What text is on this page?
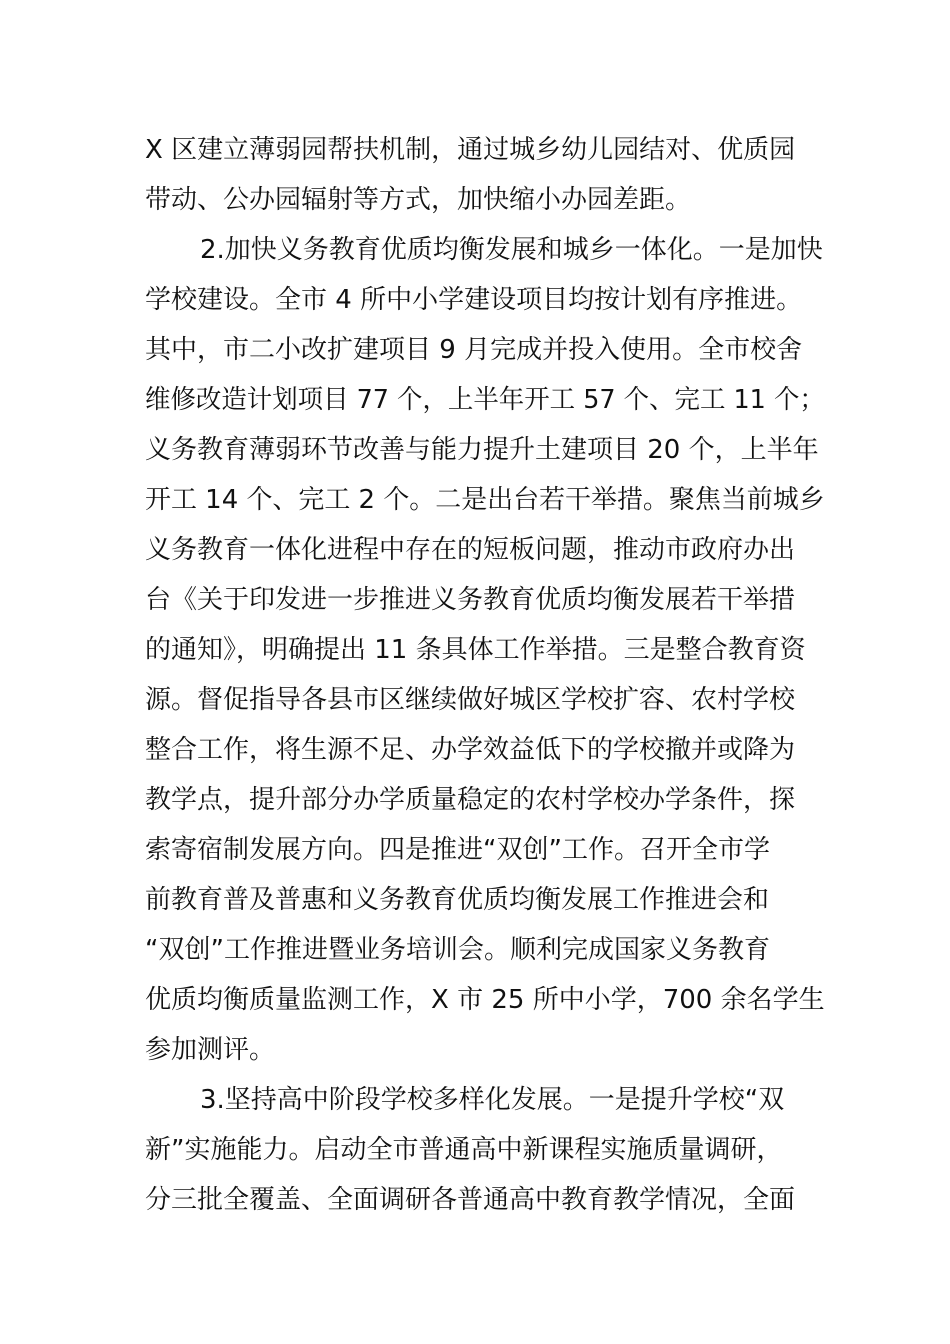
X 区建立薄弱园帮扶机制，通过城乡幼儿园结对、优质园
带动、公办园辐射等方式，加快缩小办园差距。
2.加快义务教育优质均衡发展和城乡一体化。一是加快
学校建设。全市 4 所中小学建设项目均按计划有序推进。
其中，市二小改扩建项目 9 月完成并投入使用。全市校舍
维修改造计划项目 77 个，上半年开工 57 个、完工 11 个；
义务教育薄弱环节改善与能力提升土建项目 20 个，上半年
开工 14 个、完工 2 个。二是出台若干举措。聚焦当前城乡
义务教育一体化进程中存在的短板问题，推动市政府办出
台《关于印发进一步推进义务教育优质均衡发展若干举措
的通知》，明确提出 11 条具体工作举措。三是整合教育资
源。督促指导各县市区继续做好城区学校扩容、农村学校
整合工作，将生源不足、办学效益低下的学校撤并或降为
教学点，提升部分办学质量稳定的农村学校办学条件，探
索寄宿制发展方向。四是推进“双创”工作。召开全市学
前教育普及普惠和义务教育优质均衡发展工作推进会和
“双创”工作推进暨业务培训会。顺利完成国家义务教育
优质均衡质量监测工作，X 市 25 所中小学，700 余名学生
参加测评。
3.坚持高中阶段学校多样化发展。一是提升学校“双
新”实施能力。启动全市普通高中新课程实施质量调研，
分三批全覆盖、全面调研各普通高中教育教学情况，全面
